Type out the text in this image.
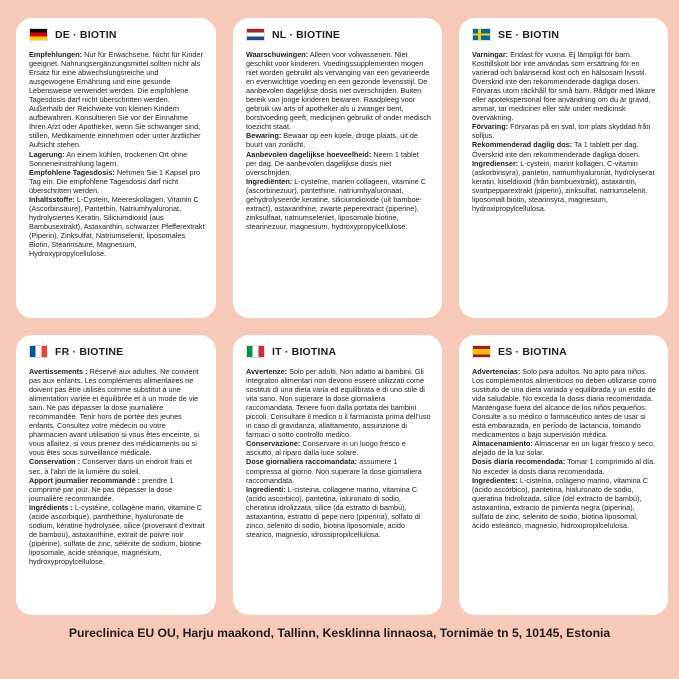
DE · BIOTIN

Empfehlungen: Nur für Erwachsene. Nicht für Kinder geeignet. Nahrungsergänzungsmittel sollten nicht als Ersatz für eine abwechslungsreiche und ausgewogene Ernährung und eine gesunde Lebensweise verwendet werden. Die empfohlene Tagesdosis darf nicht überschritten werden. Außerhalb der Reichweite von kleinen Kindern aufbewahren. Konsultieren Sie vor der Einnahme Ihren Arzt oder Apotheker, wenn Sie schwanger sind, stillen, Medikamente einnehmen oder unter ärztlicher Aufsicht stehen.

Lagerung: An einem kühlen, trockenen Ort ohne Sonneneinstrahlung lagern.

Empfohlene Tagesdosis: Nehmen Sie 1 Kapsel pro Tag ein. Die empfohlene Tagesdosis darf nicht überschritten werden.

Inhaltsstoffe: L-Cystein, Meereskollagen, Vitamin C (Ascorbinsäure), Pantethin, Natriumhyaluronat, hydrolysiertes Keratin, Siliciumdioxid (aus Bambusextrakt), Astaxanthin, schwarzer Pfefferextrakt (Piperin), Zinksulfat, Natriumselenit, liposomales Biotin, Stearinsäure, Magnesium, Hydroxypropylcellulose.

NL · BIOTINE

Waarschuwingen: Alleen voor volwassenen. Niet geschikt voor kinderen. Voedingssupplementen mogen niet worden gebruikt als vervanging van een gevarieerde en evenwichtige voeding en een gezonde levensstijl. De aanbevolen dagelijkse dosis niet overschrijden. Buiten bereik van jonge kinderen bewaren. Raadpleeg voor gebruik uw arts of apotheker als u zwanger bent, borstvoeding geeft, medicijnen gebruikt of onder medisch toezicht staat.

Bewaring: Bewaar op een koele, droge plaats, uit de buurt van zonlicht.

Aanbevolen dagelijkse hoeveelheid: Neem 1 tablet per dag. De aanbevolen dagelijkse dosis niet overschrijden.

Ingrediënten: L-cysteïne, marien collageen, vitamine C (ascorbinezuur), pantethine, natriumhyaluronaat, gehydrolyseerde keratine, siliciumdioxide (uit bamboe-extract), astaxanthine, zwarte peperextract (piperine), zinksulfaat, natriumseleniet, liposomale biotine, stearinezuur, magnesium, hydroxypropylcellulose.

SE · BIOTIN

Varningar: Endast för vuxna. Ej lämpligt för barn. Kosttillskott bör inte användas som ersättning för en varierad och balanserad kost och en hälsosam livsstil. Överskrid inte den rekommenderade dagliga dosen. Förvaras utom räckhåll för små barn. Rådgör med läkare eller apotekspersonal före användning om du är gravid, ammar, tar mediciner eller står under medicinsk övervakning.

Förvaring: Förvaras på en sval, torr plats skyddad från solljus.

Rekommenderad daglig dos: Ta 1 tablett per dag. Överskrid inte den rekommenderade dagliga dosen.

Ingredienser: L-cystein, marint kollagen, C-vitamin (askorbinsyra), pantetin, natriumhyaluronat, hydrolyserat keratin, kiseldioxid (från bambuextrakt), astaxantin, svartpepparextrakt (piperin), zinksulfat, natriumselenit, liposomalt biotin, stearinsyra, magnesium, hydroxipropylcellulosa.

FR · BIOTINE

Avertissements : Réservé aux adultes. Ne convient pas aux enfants. Les compléments alimentaires ne doivent pas être utilisés comme substitut à une alimentation variée et équilibrée et à un mode de vie sain. Ne pas dépasser la dose journalière recommandée. Tenir hors de portée des jeunes enfants. Consultez votre médecin ou votre pharmacien avant utilisation si vous êtes enceinte, si vous allaitez, si vous prenez des médicaments ou si vous êtes sous surveillance médicale.

Conservation : Conserver dans un endroit frais et sec, à l’abri de la lumière du soleil.

Apport journalier recommandé : prendre 1 comprimé par jour. Ne pas dépasser la dose journalière recommandée.

Ingrédients : L-cystéine, collagène marin, vitamine C (acide ascorbique), panthéthine, hyaluronate de sodium, kératine hydrolysée, silice (provenant d’extrait de bambou), astaxanthine, extrait de poivre noir (pipérine), sulfate de zinc, sélénite de sodium, biotine liposomale, acide stéarique, magnésium, hydroxypropylcellulose.

IT · BIOTINA

Avvertenze: Solo per adulti. Non adatto ai bambini. Gli integratori alimentari non devono essere utilizzati come sostituti di una dieta varia ed equilibrata e di uno stile di vita sano. Non superare la dose giornaliera raccomandata. Tenere fuori dalla portata dei bambini piccoli. Consultare il medico o il farmacista prima dell’uso in caso di gravidanza, allattamento, assunzione di farmaci o sotto controllo medico.

Conservazione: Conservare in un luogo fresco e asciutto, al riparo dalla luce solare.

Dose giornaliera raccomandata: assumere 1 compressa al giorno. Non superare la dose giornaliera raccomandata.

Ingredienti: L-cisteina, collagene marino, vitamina C (acido ascorbico), pantetina, ialuronato di sodio, cheratina idrolizzata, silice (da estratto di bambù), astaxantina, estratto di pepe nero (piperina), solfato di zinco, selenito di sodio, biotina liposomiale, acido stearico, magnesio, idrossipropilcellulosa.

ES · BIOTINA

Advertencias: Solo para adultos. No apto para niños. Los complementos alimenticios no deben utilizarse como sustituto de una dieta variada y equilibrada y un estilo de vida saludable. No exceda la dosis diaria recomendada. Manténgase fuera del alcance de los niños pequeños. Consulte a su médico o farmacéutico antes de usar si está embarazada, en período de lactancia, tomando medicamentos o bajo supervisión médica.

Almacenamiento: Almacenar en un lugar fresco y seco, alejado de la luz solar.

Dosis diaria recomendada: Tomar 1 comprimido al día. No exceder la dosis diaria recomendada.

Ingredientes: L-cisteína, colágeno marino, vitamina C (ácido ascórbico), pantetina, hialuronato de sodio, queratina hidrolizada, sílice (del extracto de bambú), astaxantina, extracto de pimienta negra (piperina), sulfato de zinc, selenito de sodio, biotina liposomal, ácido esteárico, magnesio, hidroxipropilcelulosa.

Pureclinica EU OU, Harju maakond, Tallinn, Kesklinna linnaosa, Tornimäe tn 5, 10145, Estonia
